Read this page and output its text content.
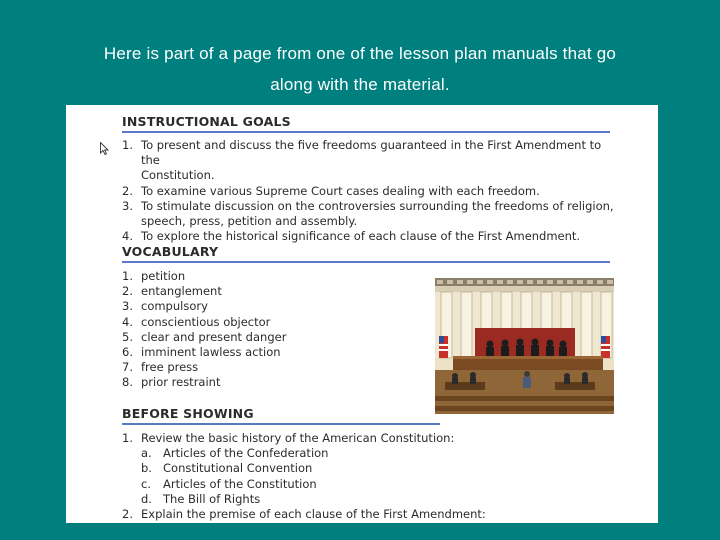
Here is part of a page from one of the lesson plan manuals that go
along with the material.
INSTRUCTIONAL GOALS
1. To present and discuss the five freedoms guaranteed in the First Amendment to the
Constitution.
2. To examine various Supreme Court cases dealing with each freedom.
3. To stimulate discussion on the controversies surrounding the freedoms of religion,
speech, press, petition and assembly.
4. To explore the historical significance of each clause of the First Amendment.
VOCABULARY
1. petition
2. entanglement
3. compulsory
4. conscientious objector
5. clear and present danger
6. imminent lawless action
7. free press
8. prior restraint
BEFORE SHOWING
1. Review the basic history of the American Constitution:
a. Articles of the Confederation
b. Constitutional Convention
c. Articles of the Constitution
d. The Bill of Rights
2. Explain the premise of each clause of the First Amendment:
